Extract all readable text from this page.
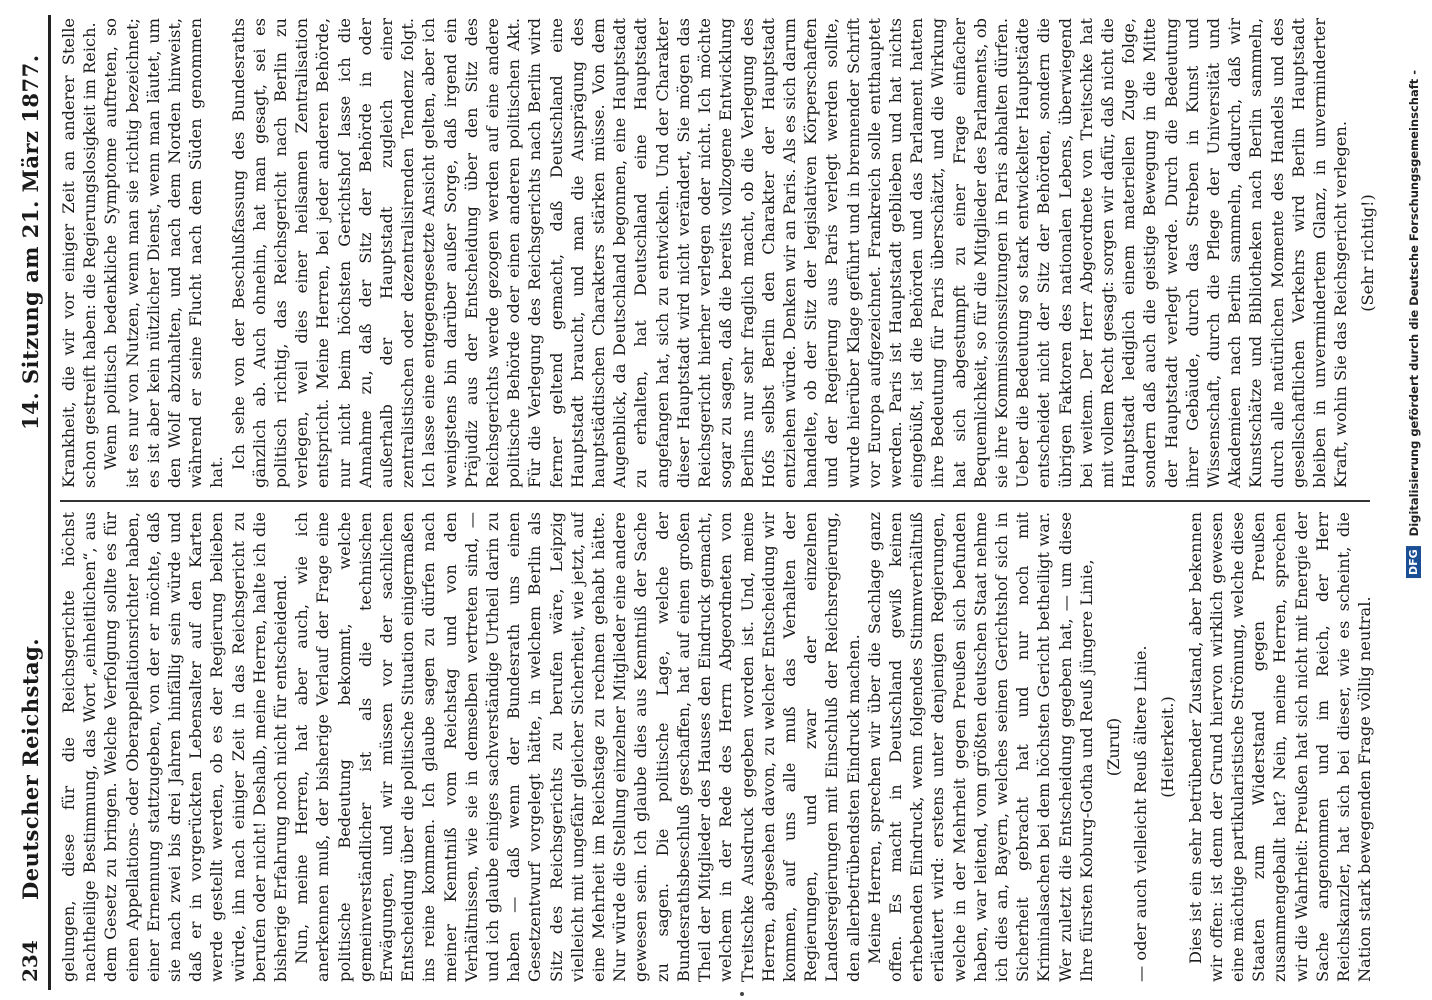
234
Deutscher Reichstag.
14. Sitzung am 21. März 1877.

gelungen, diese für die Reichsgerichte höchst nachtheilige Bestimmung, das Wort „einheitlichen“, aus dem Gesetz zu bringen. Welche Verfolgung sollte es für einen Appellations- oder Oberappellationsrichter haben, einer Ernennung stattzugeben, von der er möchte, daß sie nach zwei bis drei Jahren hinfällig sein würde und daß er in vorgerückten Lebensalter auf den Karten werde gestellt werden, ob es der Regierung belieben würde, ihn nach einiger Zeit in das Reichsgericht zu berufen oder nicht! Deshalb, meine Herren, halte ich die bisherige Erfahrung noch nicht für entscheidend. Nun, meine Herren, hat aber auch, wie ich anerkennen muß, der bisherige Verlauf der Frage eine politische Bedeutung bekommt, welche gemeinverständlicher ist als die technischen Erwägungen, und wir müssen vor der sachlichen Entscheidung über die politische Situation einigermaßen ins reine kommen. Ich glaube sagen zu dürfen nach meiner Kenntniß vom Reichstag und von den Verhältnissen, wie sie in demselben vertreten sind, — und ich glaube einiges sachverständige Urtheil darin zu haben — daß wenn der Bundesrath uns einen Gesetzentwurf vorgelegt hätte, in welchem Berlin als Sitz des Reichsgerichts zu berufen wäre, Leipzig vielleicht mit ungefähr gleicher Sicherheit, wie jetzt, auf eine Mehrheit im Reichstage zu rechnen gehabt hätte. Nur würde die Stellung einzelner Mitglieder eine andere gewesen sein. Ich glaube dies aus Kenntniß der Sache zu sagen. Die politische Lage, welche der Bundesrathsbeschluß geschaffen, hat auf einen großen Theil der Mitglieder des Hauses den Eindruck gemacht, welchem in der Rede des Herrn Abgeordneten von Treitschke Ausdruck gegeben worden ist. Und, meine Herren, abgesehen davon, zu welcher Entscheidung wir kommen, auf uns alle muß das Verhalten der Regierungen, und zwar der einzelnen Landesregierungen mit Einschluß der Reichsregierung, den allerbetrübendsten Eindruck machen. Meine Herren, sprechen wir über die Sachlage ganz offen. Es macht in Deutschland gewiß keinen erhebenden Eindruck, wenn folgendes Stimmverhältniß erläutert wird: erstens unter denjenigen Regierungen, welche in der Mehrheit gegen Preußen sich befunden haben, war leitend, vom größten deutschen Staat nehme ich dies an, Bayern, welches seinen Gerichtshof sich in Sicherheit gebracht hat und nur noch mit Kriminalsachen bei dem höchsten Gericht betheiligt war. Wer zuletzt die Entscheidung gegeben hat, — um diese Ihre fürsten Koburg-Gotha und Reuß jüngere Linie, (Zuruf) — oder auch vielleicht Reuß ältere Linie. (Heiterkeit.) Dies ist ein sehr betrübender Zustand, aber bekennen wir offen: ist denn der Grund hiervon wirklich gewesen eine mächtige partikularistische Strömung, welche diese Staaten zum Widerstand gegen Preußen zusammengeballt hat? Nein, meine Herren, sprechen wir die Wahrheit: Preußen hat sich nicht mit Energie der Sache angenommen und im Reich, der Herr Reichskanzler, hat sich bei dieser, wie es scheint, die Nation stark bewegenden Frage völlig neutral.

Krankheit, die wir vor einiger Zeit an anderer Stelle schon gestreift haben: die Regierungslosigkeit im Reich. Wenn politisch bedenkliche Symptome auftreten, so ist es nur von Nutzen, wenn man sie richtig bezeichnet; es ist aber kein nützlicher Dienst, wenn man läutet, um den Wolf abzuhalten, und nach dem Norden hinweist, während er seine Flucht nach dem Süden genommen hat.

Ich sehe von der Beschlußfassung des Bundesraths gänzlich ab. Auch ohnehin, hat man gesagt, sei es politisch richtig, das Reichsgericht nach Berlin zu verlegen, weil dies einer heilsamen Zentralisation entspricht. Meine Herren, bei jeder anderen Behörde, nur nicht beim höchsten Gerichtshof lasse ich die Annahme zu, daß der Sitz der Behörde in oder außerhalb der Hauptstadt zugleich einer zentralistischen oder dezentralisirenden Tendenz folgt. Ich lasse eine entgegengesetzte Ansicht gelten, aber ich wenigstens bin darüber außer Sorge, daß irgend ein Präjudiz aus der Entscheidung über den Sitz des Reichsgerichts werde gezogen werden auf eine andere politische Behörde oder einen anderen politischen Akt. Für die Verlegung des Reichsgerichts nach Berlin wird ferner geltend gemacht, daß Deutschland eine Hauptstadt braucht, und man die Ausprägung des hauptstädtischen Charakters stärken müsse. Von dem Augenblick, da Deutschland begonnen, eine Hauptstadt zu erhalten, hat Deutschland eine Hauptstadt angefangen hat, sich zu entwickeln. Und der Charakter dieser Hauptstadt wird nicht verändert, Sie mögen das Reichsgericht hierher verlegen oder nicht. Ich möchte sogar zu sagen, daß die bereits vollzogene Entwicklung Berlins nur sehr fraglich macht, ob die Verlegung des Hofs selbst Berlin den Charakter der Hauptstadt entziehen würde. Denken wir an Paris. Als es sich darum handelte, ob der Sitz der legislativen Körperschaften und der Regierung aus Paris verlegt werden sollte, wurde hierüber Klage geführt und in brennender Schrift vor Europa aufgezeichnet. Frankreich solle entthauptet werden. Paris ist Hauptstadt geblieben und hat nichts eingebüßt, ist die Behörden und das Parlament hatten ihre Bedeutung für Paris überschätzt, und die Wirkung hat sich abgestumpft zu einer Frage einfacher Bequemlichkeit, so für die Mitglieder des Parlaments, ob sie ihre Kommissionssitzungen in Paris abhalten dürfen. Ueber die Bedeutung so stark entwickelter Hauptstädte entscheidet nicht der Sitz der Behörden, sondern die übrigen Faktoren des nationalen Lebens, überwiegend bei weitem. Der Herr Abgeordnete von Treitschke hat mit vollem Recht gesagt: sorgen wir dafür, daß nicht die Hauptstadt lediglich einem materiellen Zuge folge, sondern daß auch die geistige Bewegung in die Mitte der Hauptstadt verlegt werde. Durch die Bedeutung ihrer Gebäude, durch das Streben in Kunst und Wissenschaft, durch die Pflege der Universität und Akademieen nach Berlin sammeln, dadurch, daß wir Kunstschätze und Bibliotheken nach Berlin sammeln, durch alle natürlichen Momente des Handels und des gesellschaftlichen Verkehrs wird Berlin Hauptstadt bleiben in unvermindertem Glanz, in unverminderter Kraft, wohin Sie das Reichsgericht verlegen. (Sehr richtig!)

DFG Digitalisierung gefördert durch die Deutsche Forschungsgemeinschaft -
